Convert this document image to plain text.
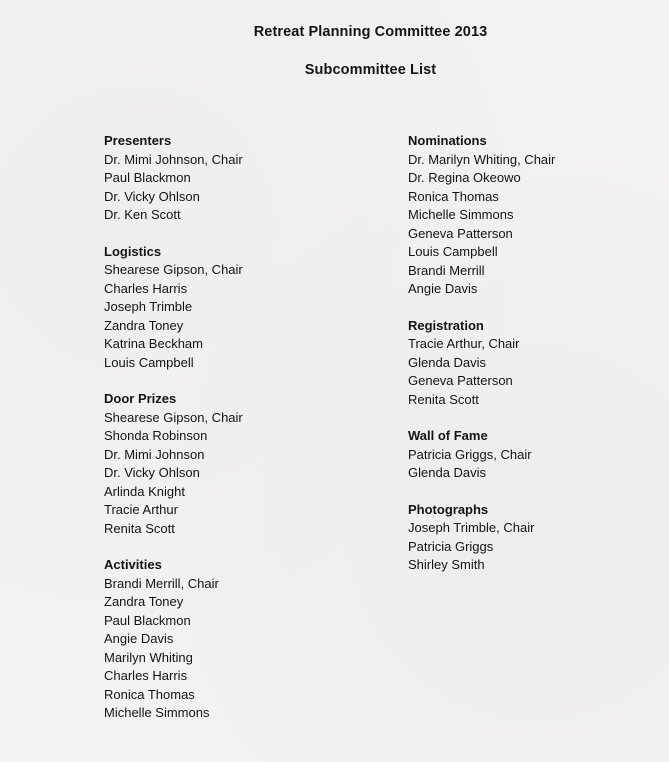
Retreat Planning Committee 2013
Subcommittee List
Presenters
Dr. Mimi Johnson, Chair
Paul Blackmon
Dr. Vicky Ohlson
Dr. Ken Scott
Logistics
Shearese Gipson, Chair
Charles Harris
Joseph Trimble
Zandra Toney
Katrina Beckham
Louis Campbell
Door Prizes
Shearese Gipson, Chair
Shonda Robinson
Dr. Mimi Johnson
Dr. Vicky Ohlson
Arlinda Knight
Tracie Arthur
Renita Scott
Activities
Brandi Merrill, Chair
Zandra Toney
Paul Blackmon
Angie Davis
Marilyn Whiting
Charles Harris
Ronica Thomas
Michelle Simmons
Nominations
Dr. Marilyn Whiting, Chair
Dr. Regina Okeowo
Ronica Thomas
Michelle Simmons
Geneva Patterson
Louis Campbell
Brandi Merrill
Angie Davis
Registration
Tracie Arthur, Chair
Glenda Davis
Geneva Patterson
Renita Scott
Wall of Fame
Patricia Griggs, Chair
Glenda Davis
Photographs
Joseph Trimble, Chair
Patricia Griggs
Shirley Smith
